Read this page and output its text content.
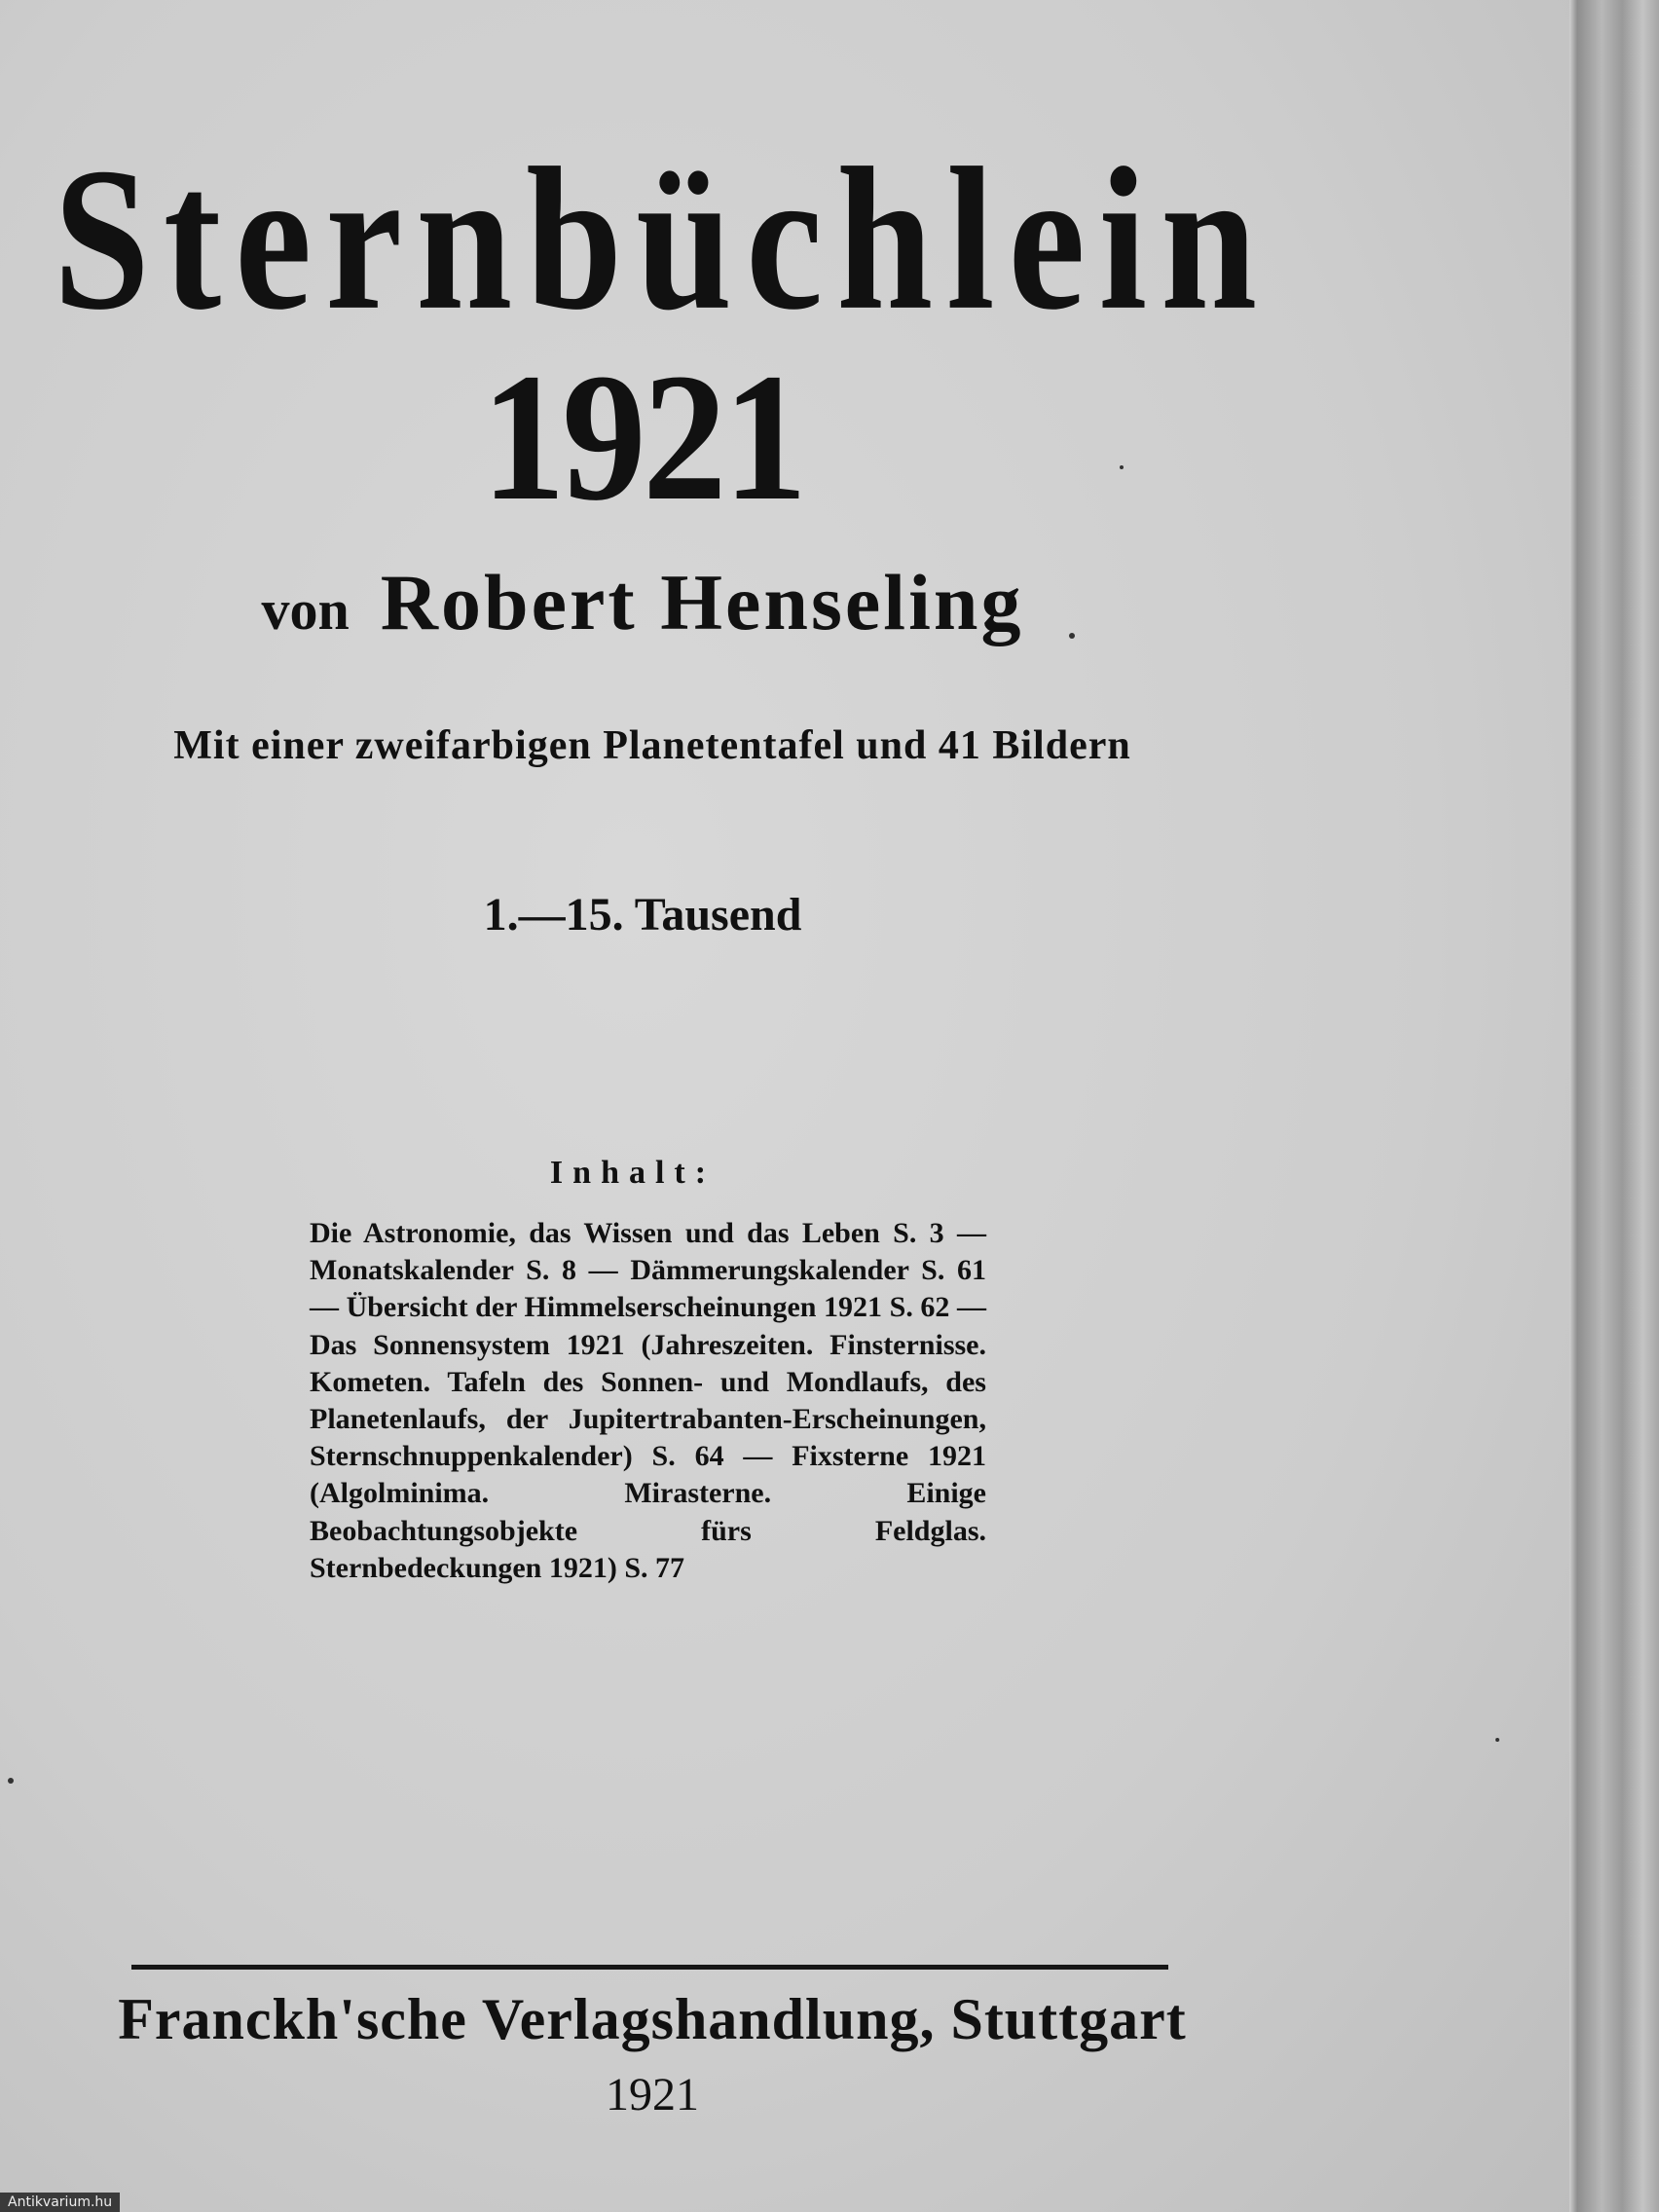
Sternbüchlein
1921
von Robert Henseling
Mit einer zweifarbigen Planetentafel und 41 Bildern
1.—15. Tausend
Inhalt:
Die Astronomie, das Wissen und das Leben S. 3 — Monatskalender S. 8 — Dämmerungskalender S. 61 — Übersicht der Himmelserscheinungen 1921 S. 62 — Das Sonnensystem 1921 (Jahreszeiten. Finsternisse. Kometen. Tafeln des Sonnen- und Mondlaufs, des Planetenlaufs, der Jupitertrabanten-Erscheinungen, Sternschnuppenkalender) S. 64 — Fixsterne 1921 (Algolminima. Mirasterne. Einige Beobachtungsobjekte fürs Feldglas. Sternbedeckungen 1921) S. 77
Franckh'sche Verlagshandlung, Stuttgart
1921
Antikvarium.hu
